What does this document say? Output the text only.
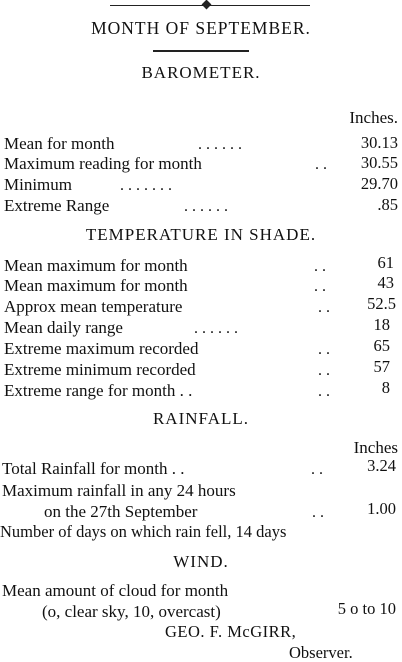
MONTH OF SEPTEMBER.
BAROMETER.
Inches.
Mean for month	. . . . . .	30.13
Maximum reading for month	. . 30.55
Minimum	. . . . . . .	29.70
Extreme Range	. . . . . .	.85
TEMPERATURE IN SHADE.
Mean maximum for month	. .	61
Mean maximum for month	. .	43
Approx mean temperature	. . 52.5
Mean daily range	. . . . . .	18
Extreme maximum recorded	. .	65
Extreme minimum recorded	. .	57
Extreme range for month . .	. .	8
RAINFALL.
Inches
Total Rainfall for month . .	. .	3.24
Maximum rainfall in any 24 hours
on the 27th September	. .	1.00
Number of days on which rain fell, 14 days
WIND.
Mean amount of cloud for month
(o, clear sky, 10, overcast)	5 o to 10
GEO. F. McGIRR,
Observer.
